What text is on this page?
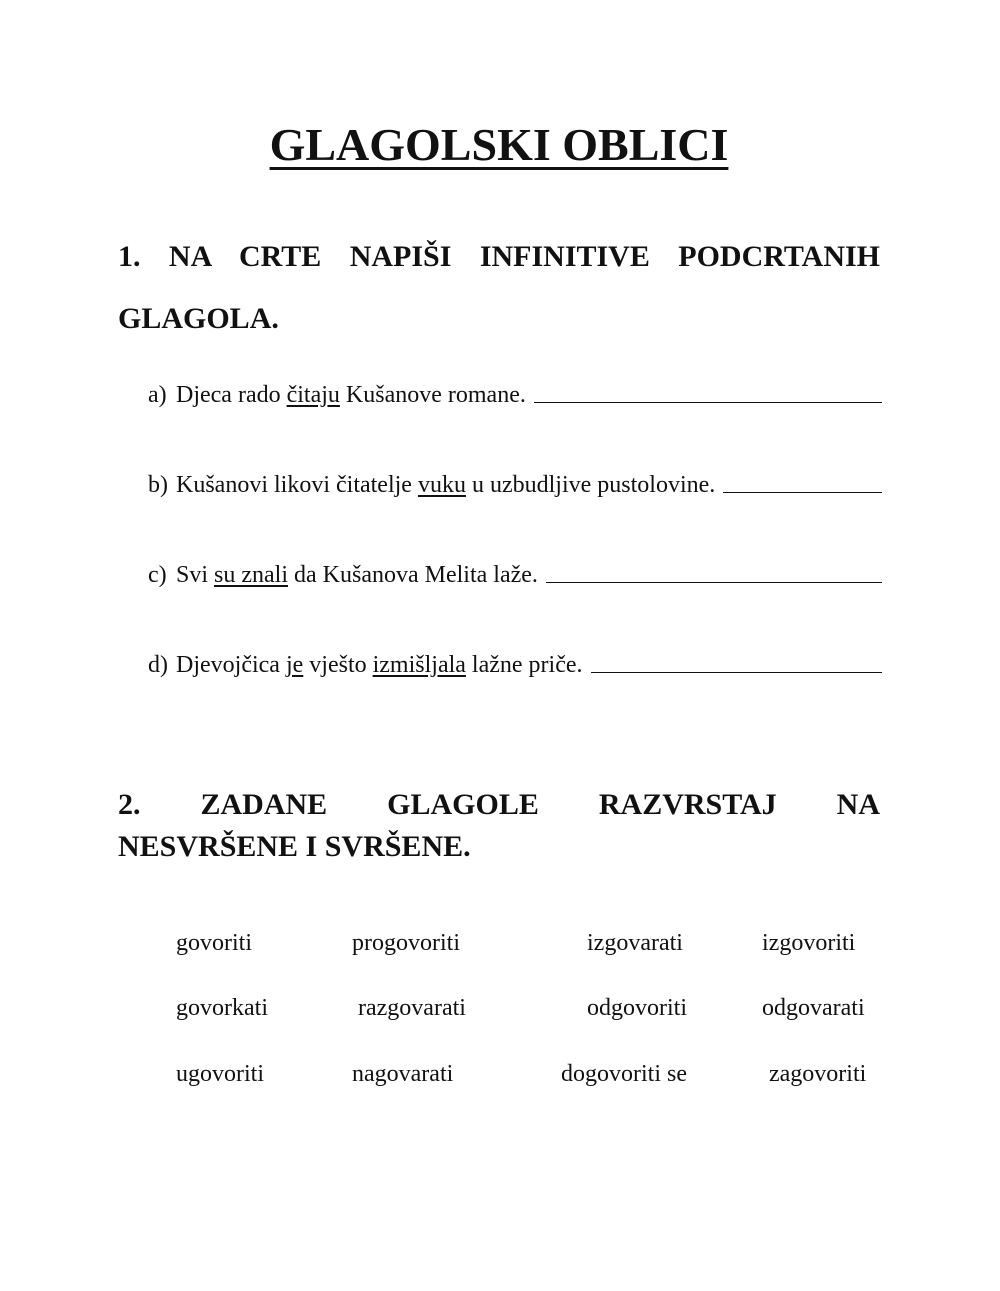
GLAGOLSKI OBLICI
1. NA CRTE NAPIŠI INFINITIVE PODCRTANIH
GLAGOLA.
a) Djeca rado čitaju Kušanove romane.
b) Kušanovi likovi čitatelje vuku u uzbudljive pustolovine.
c) Svi su znali da Kušanova Melita laže.
d) Djevojčica je vješto izmišljala lažne priče.
2. ZADANE GLAGOLE RAZVRSTAJ NA
NESVRŠENE I SVRŠENE.
govoriti	progovoriti	izgovarati	izgovoriti
govorkati	razgovarati	odgovoriti	odgovarati
ugovoriti	nagovarati	dogovoriti se	zagovoriti
